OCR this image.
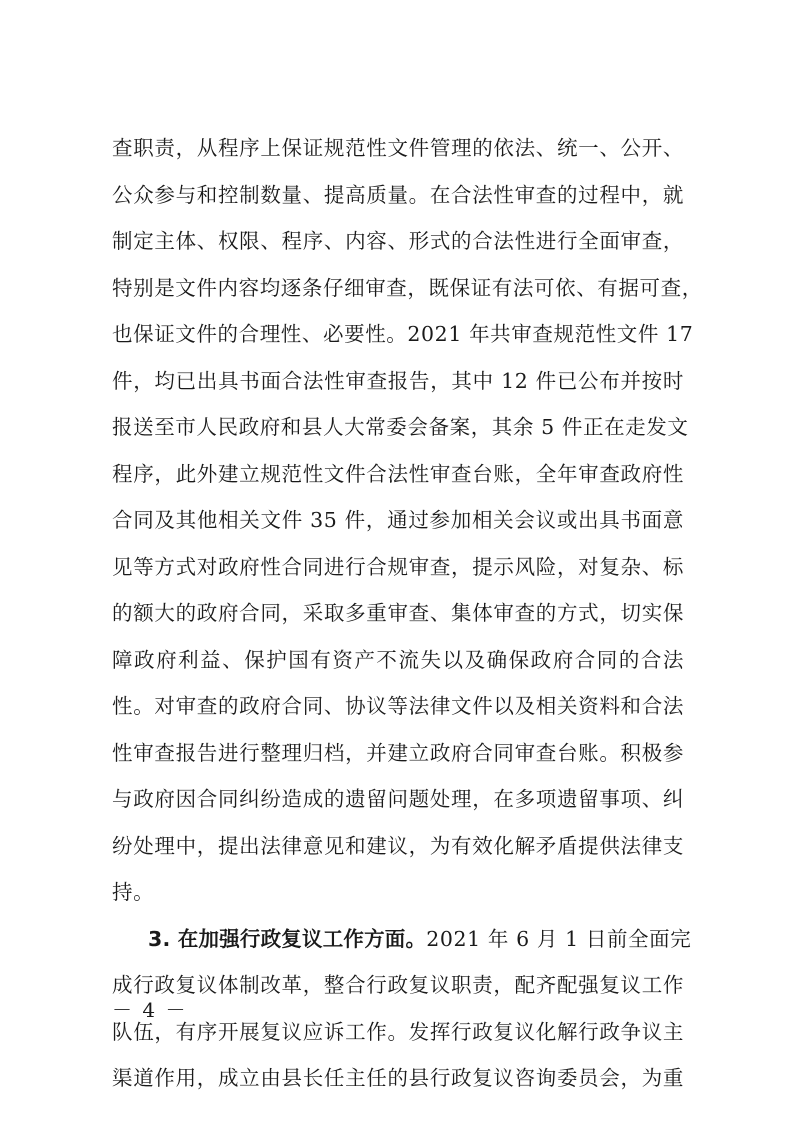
查职责，从程序上保证规范性文件管理的依法、统一、公开、
公众参与和控制数量、提高质量。在合法性审查的过程中，就
制定主体、权限、程序、内容、形式的合法性进行全面审查，
特别是文件内容均逐条仔细审查，既保证有法可依、有据可查，
也保证文件的合理性、必要性。2021 年共审查规范性文件 17
件，均已出具书面合法性审查报告，其中 12 件已公布并按时
报送至市人民政府和县人大常委会备案，其余 5 件正在走发文
程序，此外建立规范性文件合法性审查台账，全年审查政府性
合同及其他相关文件 35 件，通过参加相关会议或出具书面意
见等方式对政府性合同进行合规审查，提示风险，对复杂、标
的额大的政府合同，采取多重审查、集体审查的方式，切实保
障政府利益、保护国有资产不流失以及确保政府合同的合法
性。对审查的政府合同、协议等法律文件以及相关资料和合法
性审查报告进行整理归档，并建立政府合同审查台账。积极参
与政府因合同纠纷造成的遗留问题处理，在多项遗留事项、纠
纷处理中，提出法律意见和建议，为有效化解矛盾提供法律支
持。
3. 在加强行政复议工作方面。2021 年 6 月 1 日前全面完
成行政复议体制改革，整合行政复议职责，配齐配强复议工作
队伍，有序开展复议应诉工作。发挥行政复议化解行政争议主
渠道作用，成立由县长任主任的县行政复议咨询委员会，为重
－ 4 －
